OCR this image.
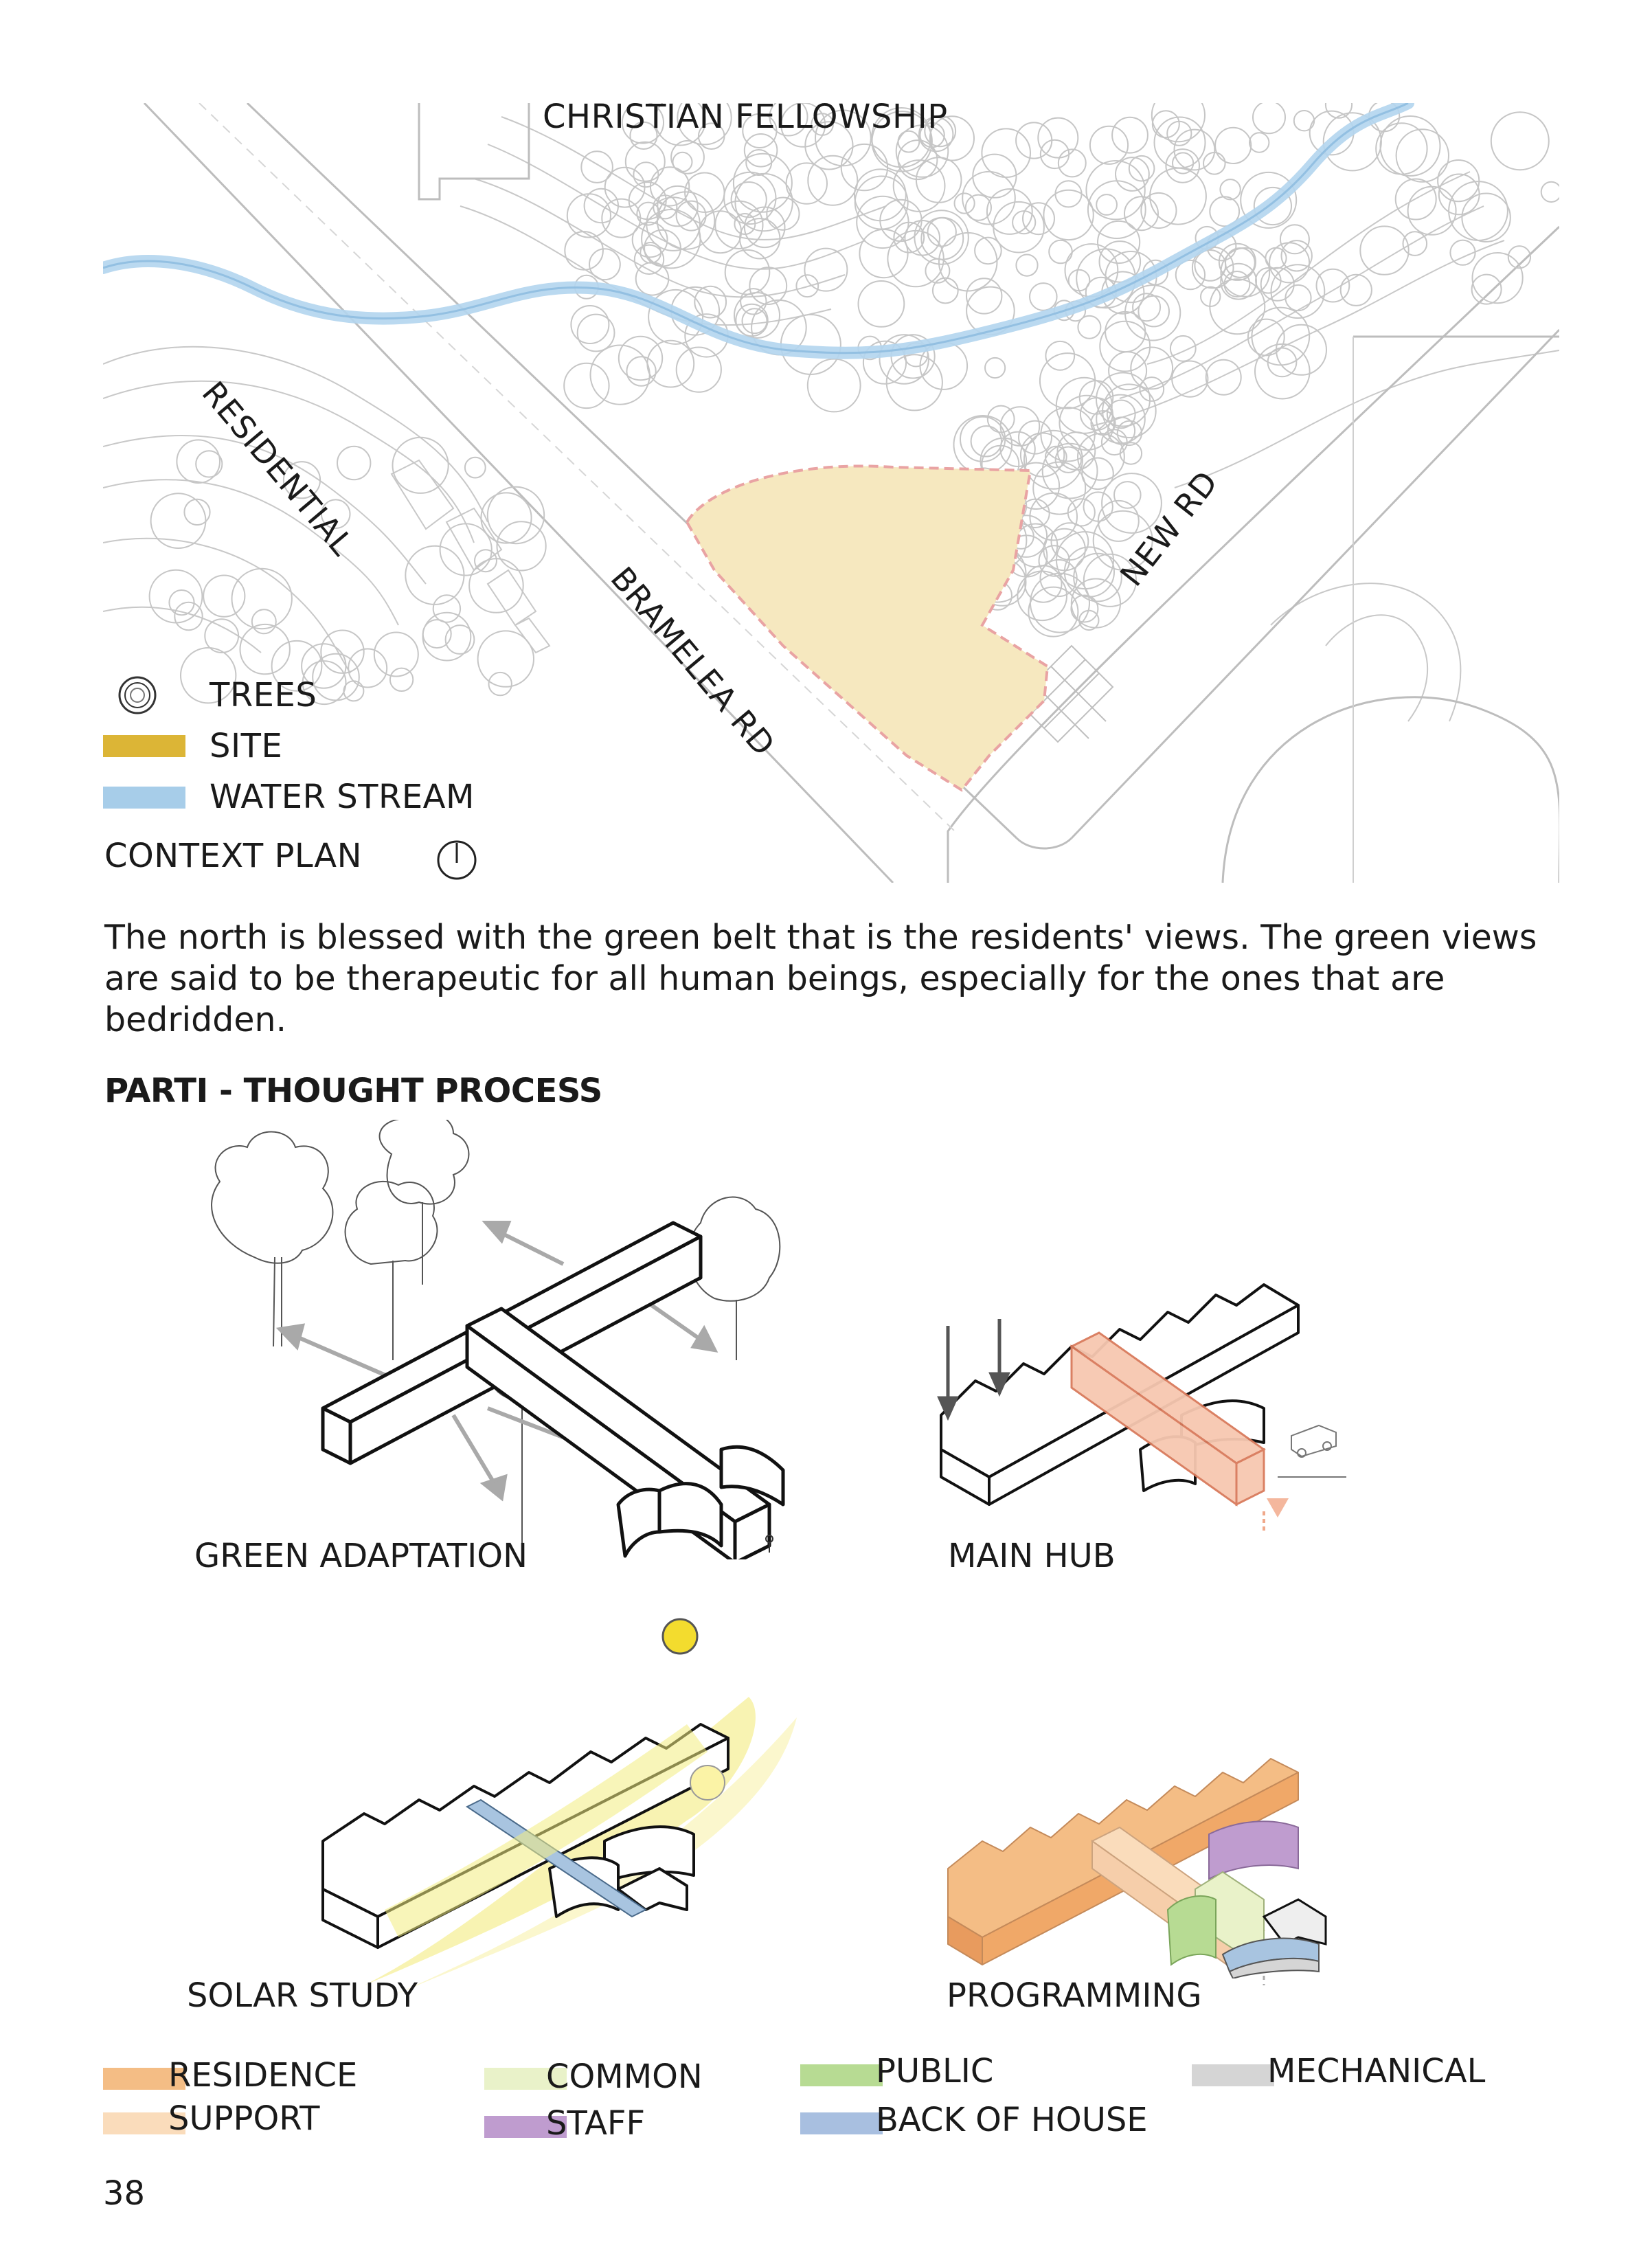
CHRISTIAN FELLOWSHIP
RESIDENTIAL
BRAMELEA RD
NEW RD
TREES
SITE
WATER STREAM
CONTEXT PLAN
The north is blessed with the green belt that is the residents' views. The green views are said to be therapeutic for all human beings, especially for the ones that are bedridden.
PARTI - THOUGHT PROCESS
GREEN ADAPTATION	MAIN HUB
SOLAR STUDY	PROGRAMMING
RESIDENCE
SUPPORT
COMMON
STAFF
PUBLIC
BACK OF HOUSE
MECHANICAL
38
